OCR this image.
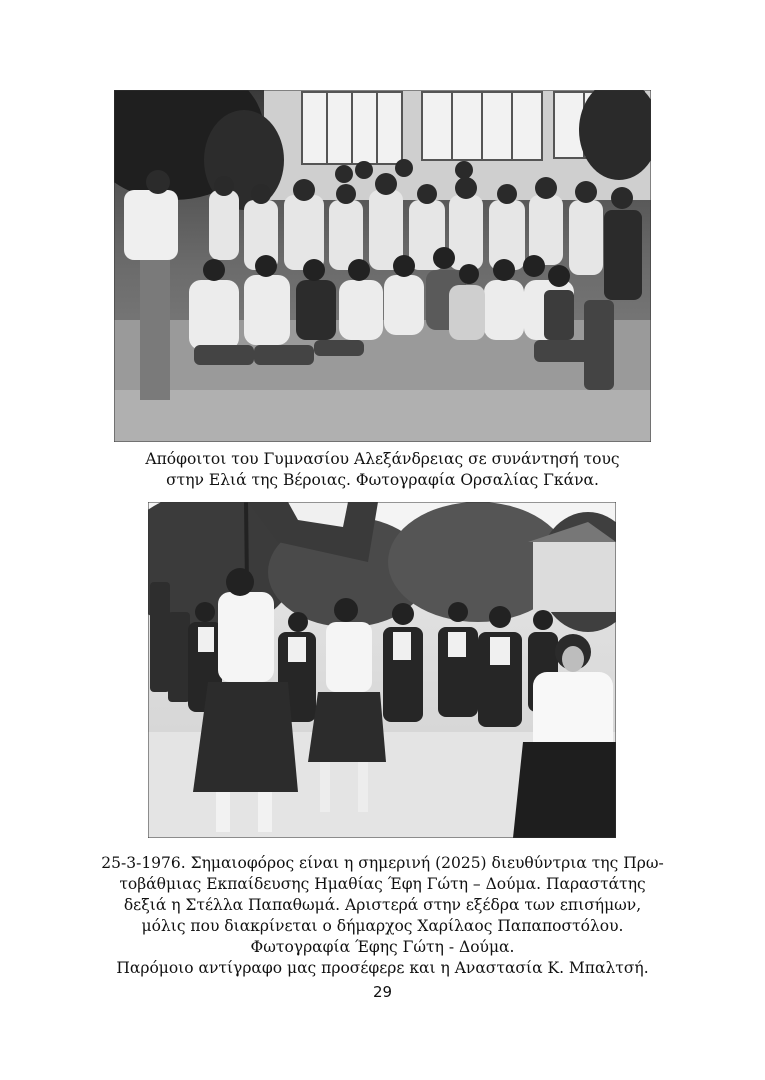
Απόφοιτοι του Γυμνασίου Αλεξάνδρειας σε συνάντησή τους
στην Ελιά της Βέροιας. Φωτογραφία Ορσαλίας Γκάνα.
25-3-1976. Σημαιοφόρος είναι η σημερινή (2025) διευθύντρια της Πρω-
τοβάθμιας Εκπαίδευσης Ημαθίας Έφη Γώτη – Δούμα. Παραστάτης
δεξιά η Στέλλα Παπαθωμά. Αριστερά στην εξέδρα των επισήμων,
μόλις που διακρίνεται ο δήμαρχος Χαρίλαος Παπαποστόλου.
Φωτογραφία Έφης Γώτη - Δούμα.
Παρόμοιο αντίγραφο μας προσέφερε και η Αναστασία Κ. Μπαλτσή.
29
